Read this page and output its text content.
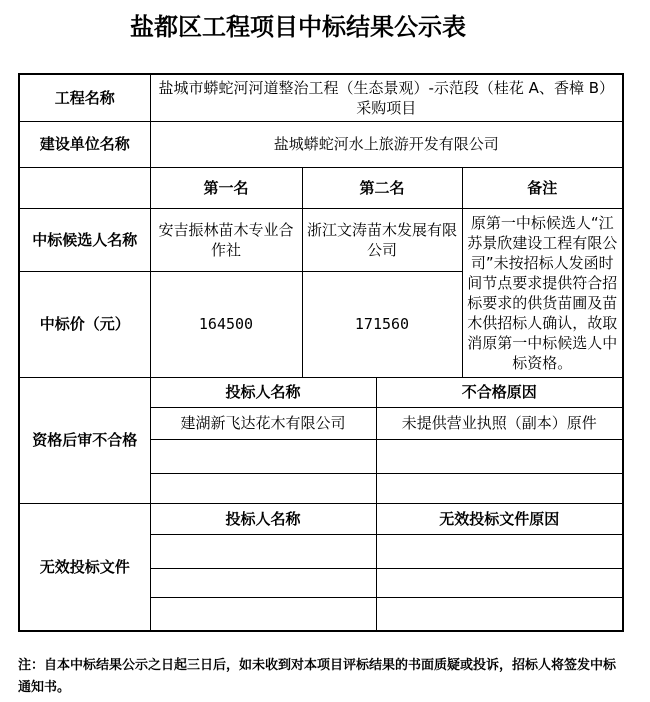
盐都区工程项目中标结果公示表
工程名称	盐城市蟒蛇河河道整治工程（生态景观）-示范段（桂花 A、香樟 B）采购项目			
建设单位名称	盐城蟒蛇河水上旅游开发有限公司			
	第一名	第二名		备注
中标候选人名称	安吉振林苗木专业合作社	浙江文涛苗木发展有限公司		原第一中标候选人“江苏景欣建设工程有限公司”未按招标人发函时间节点要求提供符合招标要求的供货苗圃及苗木供招标人确认，故取消原第一中标候选人中标资格。
中标价（元）	164500	171560		
资格后审不合格	投标人名称		不合格原因	
	建湖新飞达花木有限公司		未提供营业执照（副本）原件	

无效投标文件	投标人名称		无效投标文件原因	

注：自本中标结果公示之日起三日后，如未收到对本项目评标结果的书面质疑或投诉，招标人将签发中标通知书。
